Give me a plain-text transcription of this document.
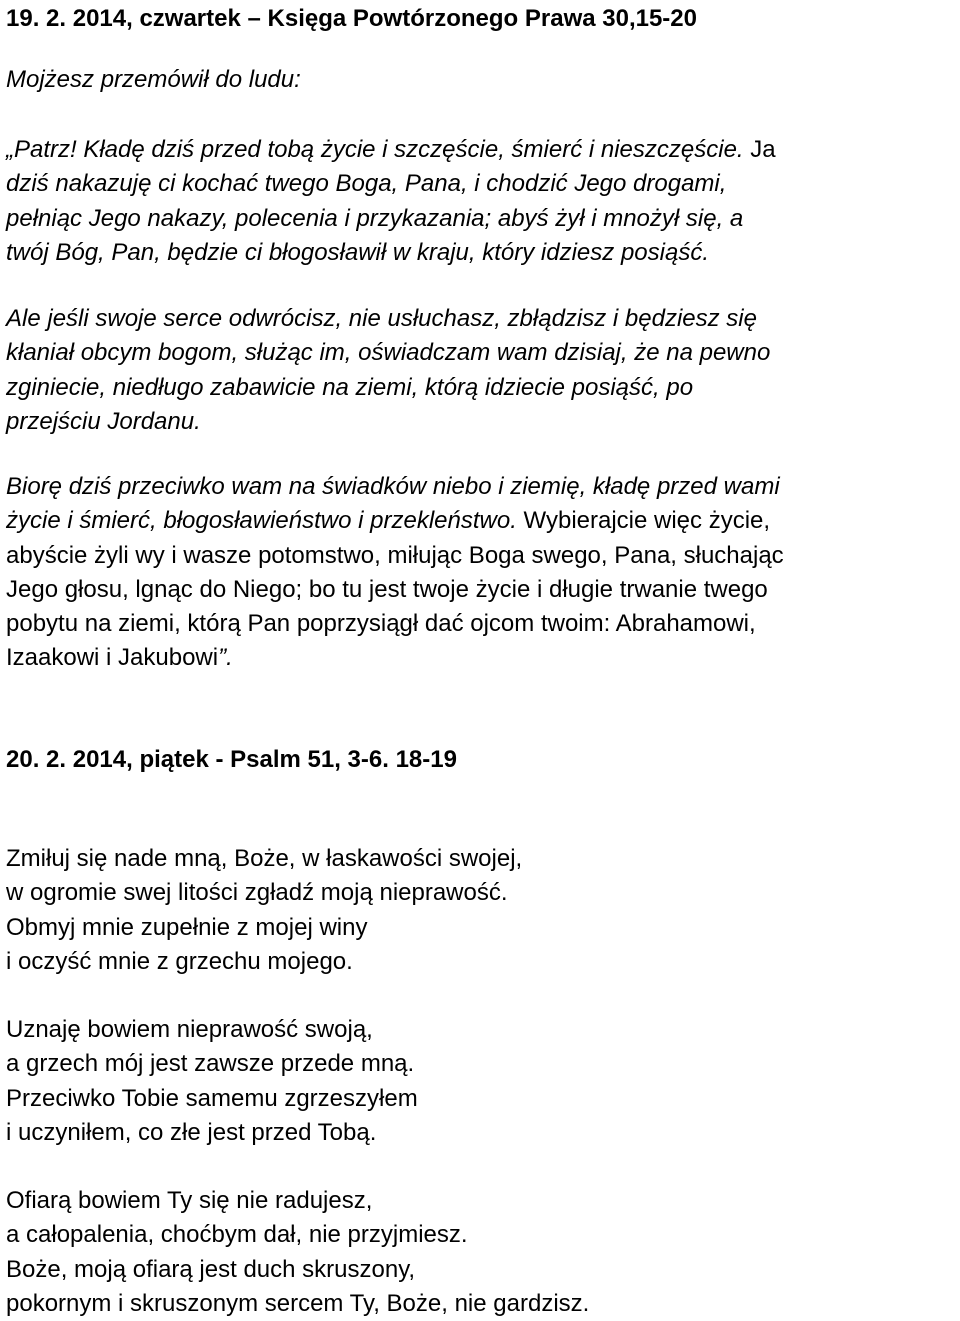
19. 2. 2014, czwartek – Księga Powtórzonego Prawa 30,15-20
Mojżesz przemówił do ludu:
„Patrz! Kładę dziś przed tobą życie i szczęście, śmierć i nieszczęście. Ja
dziś nakazuję ci kochać twego Boga, Pana, i chodzić Jego drogami,
pełniąc Jego nakazy, polecenia i przykazania; abyś żył i mnożył się, a
twój Bóg, Pan, będzie ci błogosławił w kraju, który idziesz posiąść.
Ale jeśli swoje serce odwrócisz, nie usłuchasz, zbłądzisz i będziesz się
kłaniał obcym bogom, służąc im, oświadczam wam dzisiaj, że na pewno
zginiecie, niedługo zabawicie na ziemi, którą idziecie posiąść, po
przejściu Jordanu.
Biorę dziś przeciwko wam na świadków niebo i ziemię, kładę przed wami
życie i śmierć, błogosławieństwo i przekleństwo. Wybierajcie więc życie,
abyście żyli wy i wasze potomstwo, miłując Boga swego, Pana, słuchając
Jego głosu, lgnąc do Niego; bo tu jest twoje życie i długie trwanie twego
pobytu na ziemi, którą Pan poprzysiągł dać ojcom twoim: Abrahamowi,
Izaakowi i Jakubowi”.
20. 2. 2014, piątek - Psalm 51, 3-6. 18-19
Zmiłuj się nade mną, Boże, w łaskawości swojej,
w ogromie swej litości zgładź moją nieprawość.
Obmyj mnie zupełnie z mojej winy
i oczyść mnie z grzechu mojego.
Uznaję bowiem nieprawość swoją,
a grzech mój jest zawsze przede mną.
Przeciwko Tobie samemu zgrzeszyłem
i uczyniłem, co złe jest przed Tobą.
Ofiarą bowiem Ty się nie radujesz,
a całopalenia, choćbym dał, nie przyjmiesz.
Boże, moją ofiarą jest duch skruszony,
pokornym i skruszonym sercem Ty, Boże, nie gardzisz.
